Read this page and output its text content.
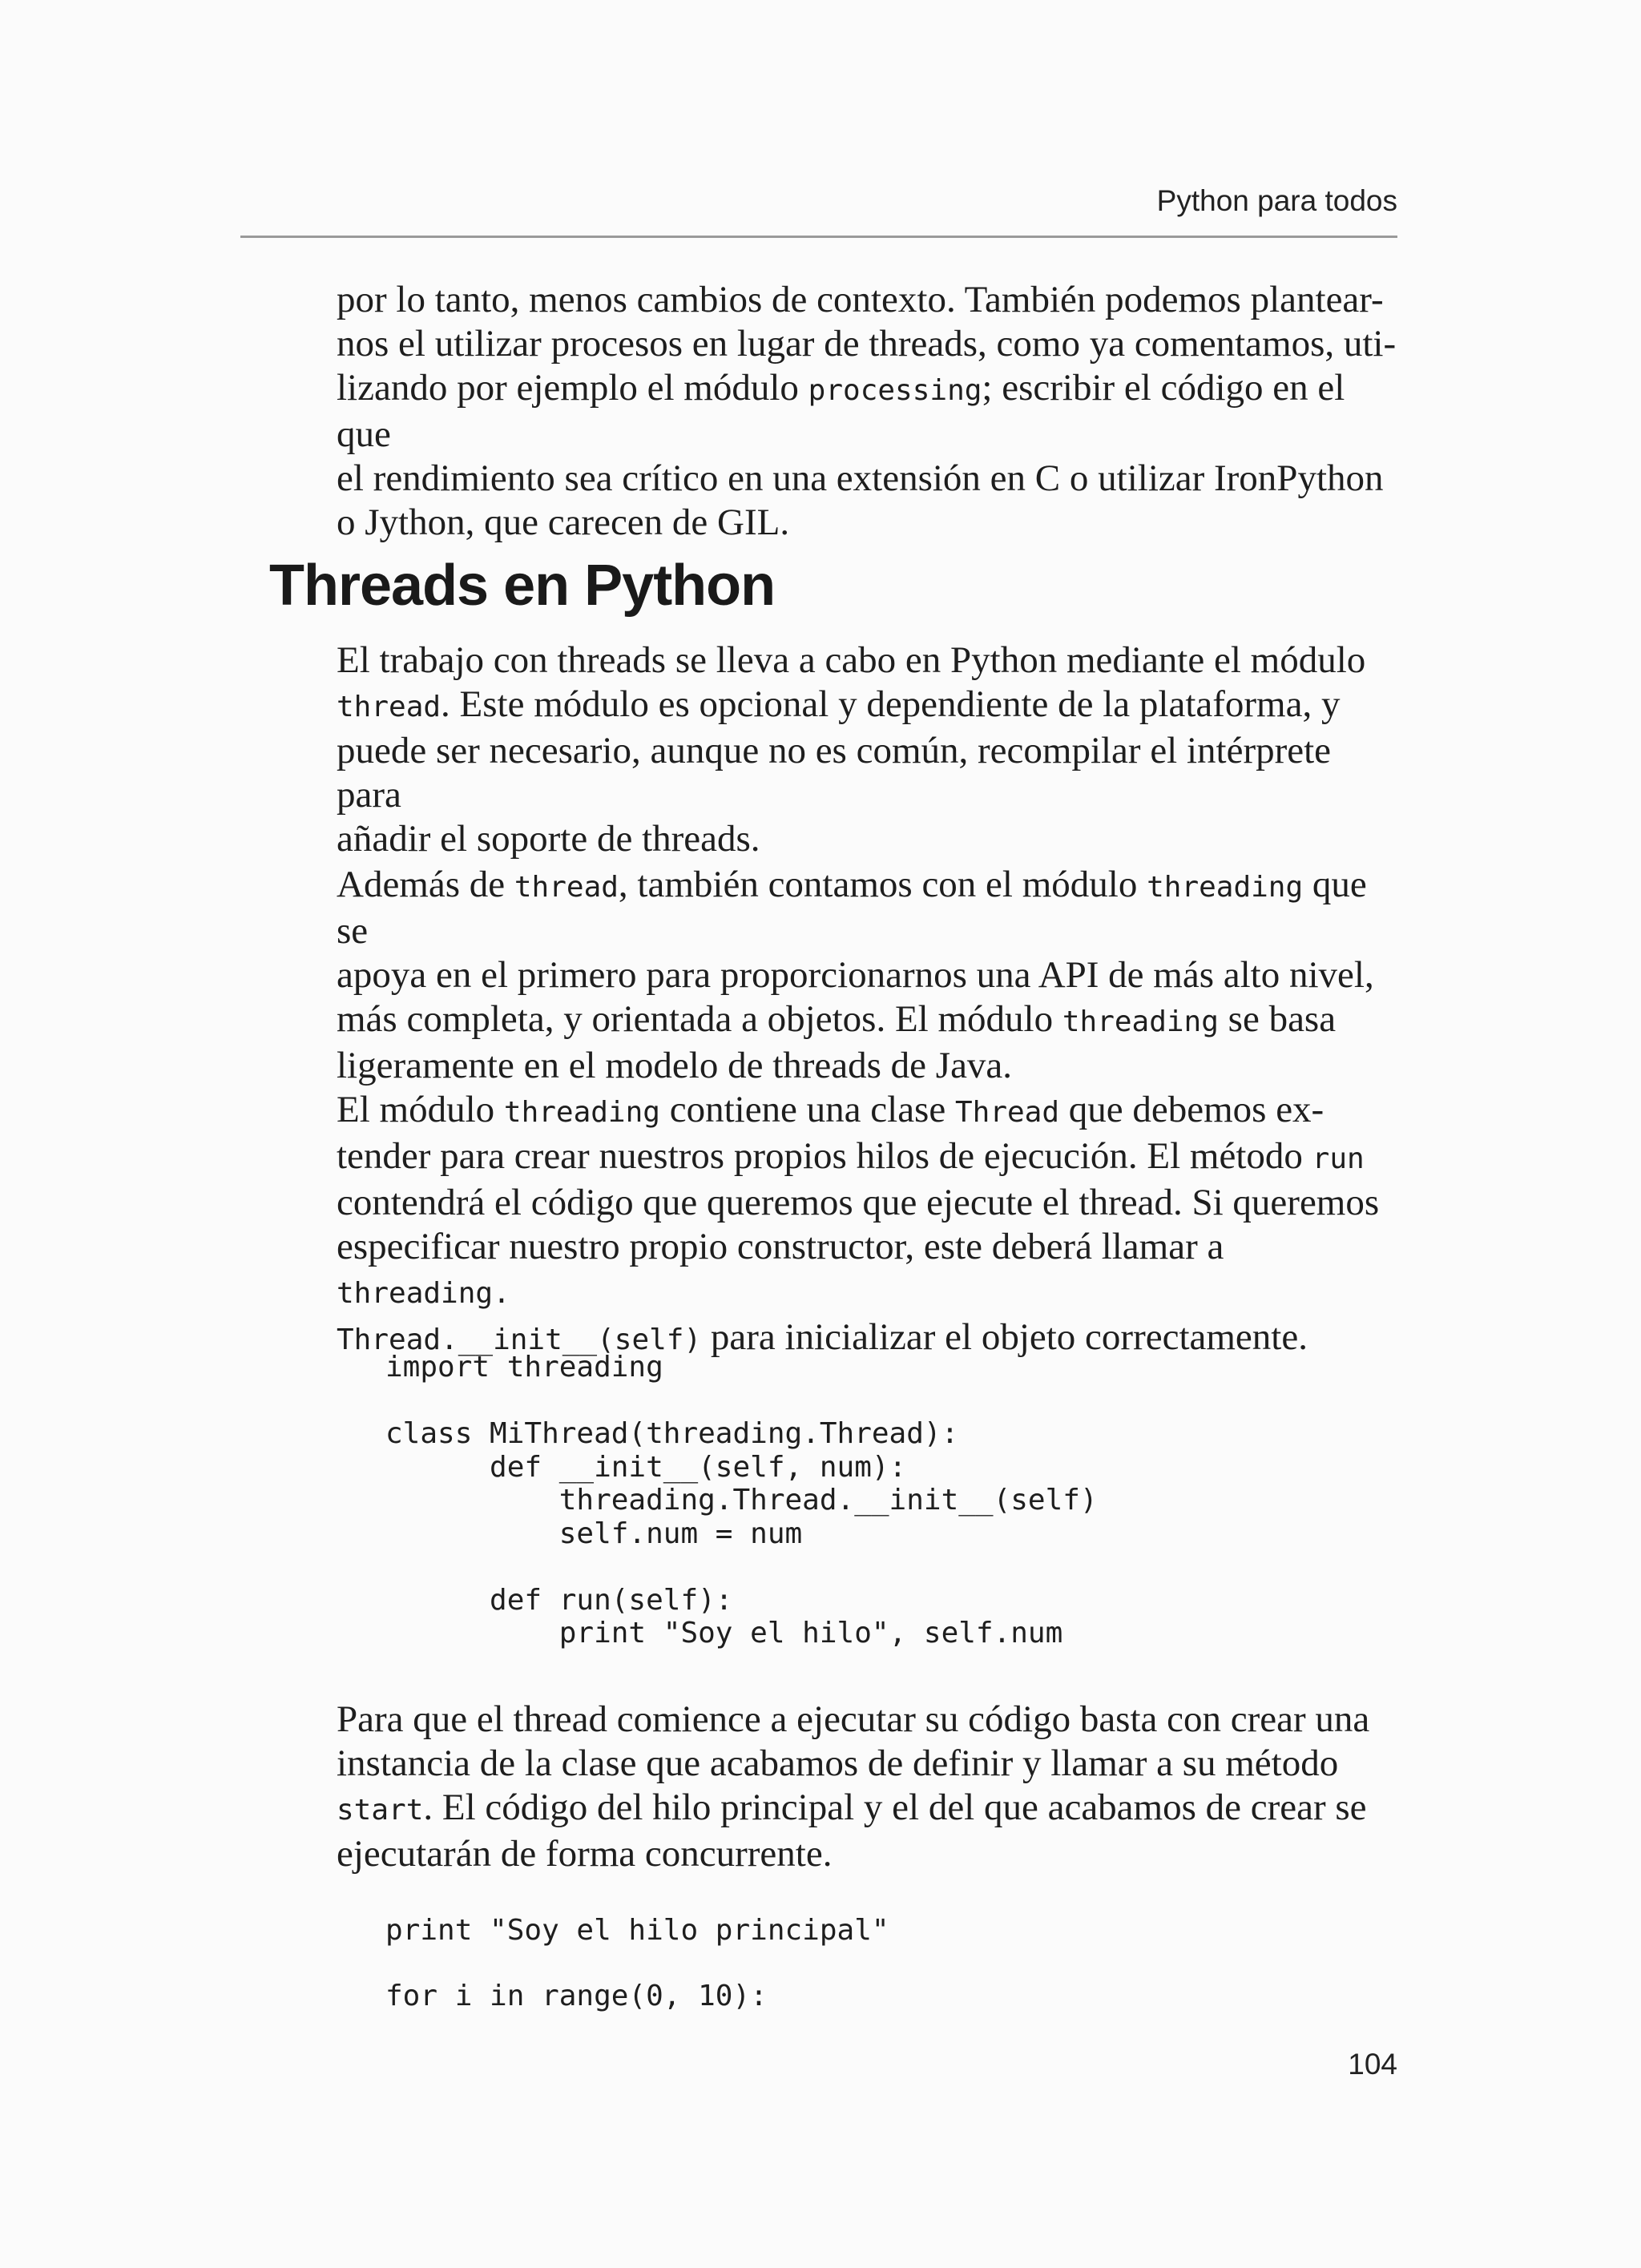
Python para todos

por lo tanto, menos cambios de contexto. También podemos plantear-
nos el utilizar procesos en lugar de threads, como ya comentamos, uti-
lizando por ejemplo el módulo processing; escribir el código en el que
el rendimiento sea crítico en una extensión en C o utilizar IronPython
o Jython, que carecen de GIL.

Threads en Python

El trabajo con threads se lleva a cabo en Python mediante el módulo
thread. Este módulo es opcional y dependiente de la plataforma, y
puede ser necesario, aunque no es común, recompilar el intérprete para
añadir el soporte de threads.

Además de thread, también contamos con el módulo threading que se
apoya en el primero para proporcionarnos una API de más alto nivel,
más completa, y orientada a objetos. El módulo threading se basa
ligeramente en el modelo de threads de Java.

El módulo threading contiene una clase Thread que debemos ex-
tender para crear nuestros propios hilos de ejecución. El método run
contendrá el código que queremos que ejecute el thread. Si queremos
especificar nuestro propio constructor, este deberá llamar a threading.
Thread.__init__(self) para inicializar el objeto correctamente.

import threading

class MiThread(threading.Thread):
def __init__(self, num):
threading.Thread.__init__(self)
self.num = num

def run(self):
print "Soy el hilo", self.num

Para que el thread comience a ejecutar su código basta con crear una
instancia de la clase que acabamos de definir y llamar a su método
start. El código del hilo principal y el del que acabamos de crear se
ejecutarán de forma concurrente.

print "Soy el hilo principal"
for i in range(0, 10):
104
